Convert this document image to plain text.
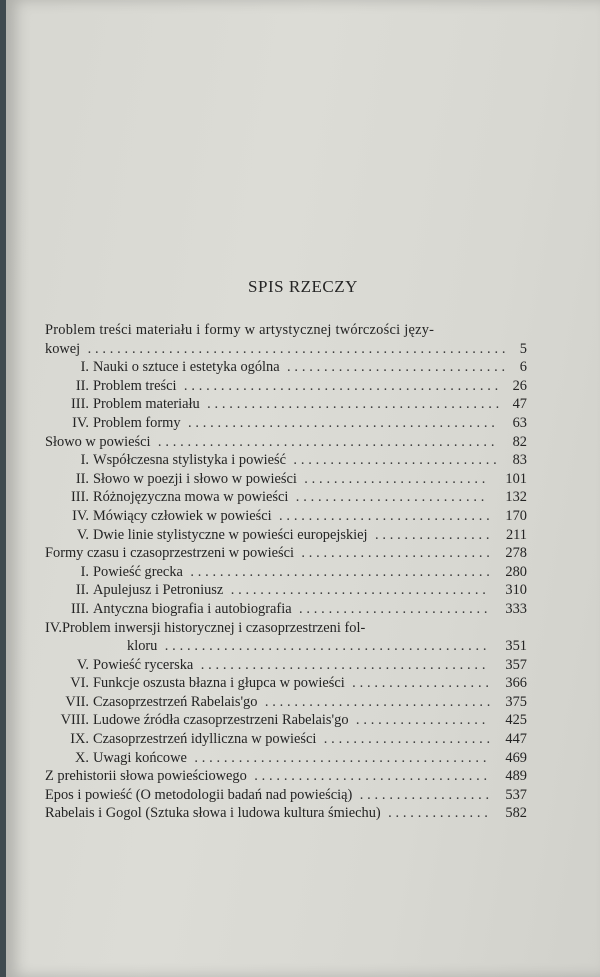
SPIS RZECZY
Problem treści materiału i formy w artystycznej twórczości języ-
kowej ......................................................... 5
I. Nauki o sztuce i estetyka ogólna .............................. 6
II. Problem treści ........................................... 26
III. Problem materiału ........................................ 47
IV. Problem formy .......................................... 63
Słowo w powieści .............................................. 82
I. Współczesna stylistyka i powieść ............................ 83
II. Słowo w poezji i słowo w powieści ......................... 101
III. Różnojęzyczna mowa w powieści .......................... 132
IV. Mówiący człowiek w powieści ............................. 170
V. Dwie linie stylistyczne w powieści europejskiej ................ 211
Formy czasu i czasoprzestrzeni w powieści .......................... 278
I. Powieść grecka ......................................... 280
II. Apulejusz i Petroniusz ................................... 310
III. Antyczna biografia i autobiografia .......................... 333
IV.Problem inwersji historycznej i czasoprzestrzeni fol-
kloru ............................................ 351
V. Powieść rycerska ....................................... 357
VI. Funkcje oszusta błazna i głupca w powieści ................... 366
VII. Czasoprzestrzeń Rabelais'go ............................... 375
VIII. Ludowe źródła czasoprzestrzeni Rabelais'go .................. 425
IX. Czasoprzestrzeń idylliczna w powieści ....................... 447
X. Uwagi końcowe ........................................ 469
Z prehistorii słowa powieściowego ................................ 489
Epos i powieść (O metodologii badań nad powieścią) .................. 537
Rabelais i Gogol (Sztuka słowa i ludowa kultura śmiechu) .............. 582
